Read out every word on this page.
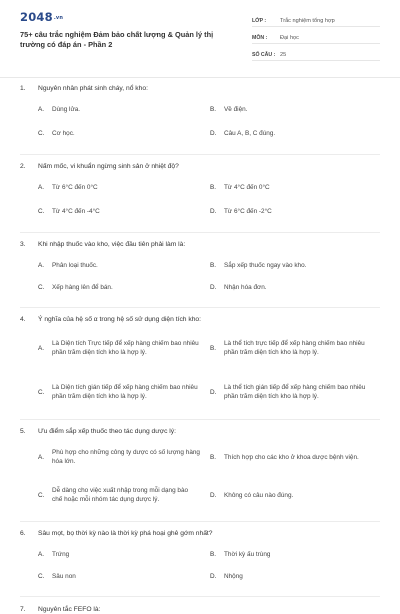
2048.vn
75+ câu trắc nghiệm Đảm bảo chất lượng & Quản lý thị trường có đáp án - Phần 2
LỚP :	Trắc nghiệm tổng hợp
MÔN :	Đại học
SỐ CÂU : 25
1.	Nguyên nhân phát sinh cháy, nổ kho:
A.	Dùng lửa.	B.	Về điện.
C.	Cơ học.	D.	Câu A, B, C đúng.
2.	Nấm mốc, vi khuẩn ngừng sinh sản ở nhiệt độ?
A.	Từ 6°C đến 0°C	B.	Từ 4°C đến 0°C
C.	Từ 4°C đến -4°C	D.	Từ 6°C đến -2°C
3.	Khi nhập thuốc vào kho, việc đầu tiên phải làm là:
A.	Phân loại thuốc.	B.	Sắp xếp thuốc ngay vào kho.
C.	Xếp hàng lên để bán.	D.	Nhận hóa đơn.
4.	Ý nghĩa của hệ số α trong hệ số sử dụng diện tích kho:
A.
Là Diện tích Trực tiếp để xếp hàng chiếm bao nhiêu phần trăm diện tích kho là hợp lý.
B.
Là thể tích trực tiếp để xếp hàng chiếm bao nhiêu phần trăm diện tích kho là hợp lý.
C.
Là Diện tích gián tiếp để xếp hàng chiếm bao nhiêu phần trăm diện tích kho là hợp lý.
D.
Là thể tích gián tiếp để xếp hàng chiếm bao nhiêu phần trăm diện tích kho là hợp lý.
5.	Ưu điểm sắp xếp thuốc theo tác dụng dược lý:
A.
Phù hợp cho những công ty dược có số lượng hàng hóa lớn.
B.	Thích hợp cho các kho ở khoa dược bệnh viện.
C.
Dễ dàng cho việc xuất nhập trong mỗi dạng bào chế hoặc mỗi nhóm tác dụng dược lý.
D.	Không có câu nào đúng.
6.	Sâu mọt, bọ thời kỳ nào là thời kỳ phá hoại ghê gớm nhất?
A.	Trứng	B.	Thời kỳ ấu trùng
C.	Sâu non	D.	Nhộng
7.	Nguyên tắc FEFO là:
